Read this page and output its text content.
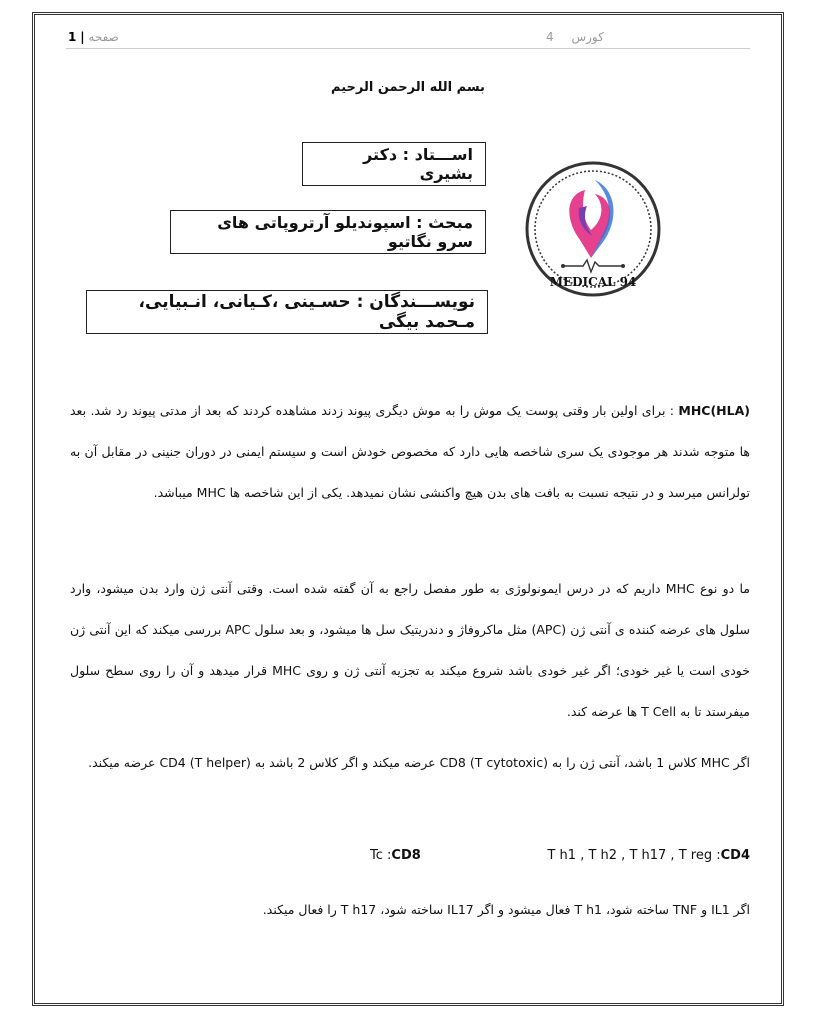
1 | صفحه	4 کورس
بسم الله الرحمن الرحيم
اســـتاد : دکتر بشیری
مبحث : اسپوندیلو آرتروپاتی های سرو نگاتیو
نویســـندگان : حسـینی ،کـیانی، انـبیایی، مـحمد بیگی
MEDICAL 94
MHC(HLA) : برای اولین بار وقتی پوست یک موش را به موش دیگری پیوند زدند مشاهده کردند که بعد از مدتی پیوند رد شد. بعد ها متوجه شدند هر موجودی یک سری شاخصه هایی دارد که مخصوص خودش است و سیستم ایمنی در دوران جنینی در مقابل آن به تولرانس میرسد و در نتیجه نسبت به بافت های بدن هیچ واکنشی نشان نمیدهد. یکی از این شاخصه ها MHC میباشد.
ما دو نوع MHC داریم که در درس ایمونولوژی به طور مفصل راجع به آن گفته شده است. وقتی آنتی ژن وارد بدن میشود، وارد سلول های عرضه کننده ی آنتی ژن (APC) مثل ماکروفاژ و دندریتیک سل ها میشود، و بعد سلول APC بررسی میکند که این آنتی ژن خودی است یا غیر خودی؛ اگر غیر خودی باشد شروع میکند به تجزیه آنتی ژن و روی MHC قرار میدهد و آن را روی سطح سلول میفرستد تا به T Cell ها عرضه کند.
اگر MHC کلاس 1 باشد، آنتی ژن را به CD8 (T cytotoxic) عرضه میکند و اگر کلاس 2 باشد به CD4 (T helper) عرضه میکند.
T h1 , T h2 , T h17 , T reg :CD4
Tc :CD8
اگر IL1 و TNF ساخته شود، T h1 فعال میشود و اگر IL17 ساخته شود، T h17 را فعال میکند.
